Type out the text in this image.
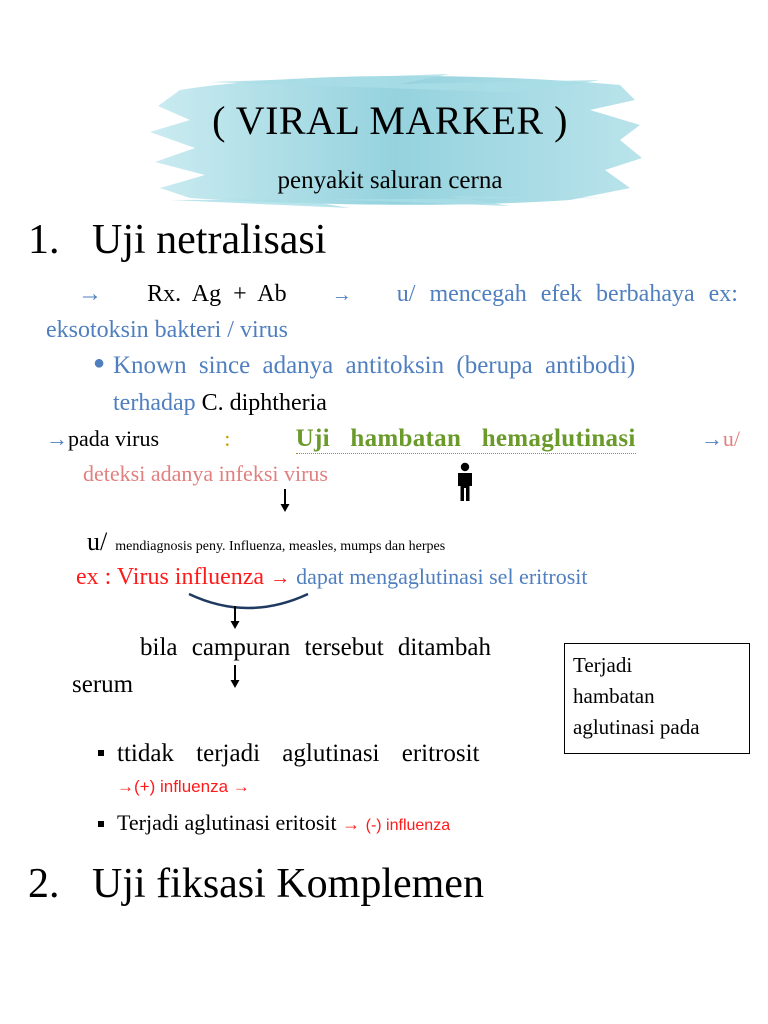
( VIRAL MARKER )
penyakit saluran cerna
1. Uji netralisasi
→ Rx. Ag + Ab → u/ mencegah efek berbahaya ex:
eksotoksin bakteri / virus
● Known since adanya antitoksin (berupa antibodi)
terhadap C. diphtheria
→pada virus	:	Uji hambatan hemaglutinasi	→u/
deteksi adanya infeksi virus
u/ mendiagnosis peny. Influenza, measles, mumps dan herpes
ex : Virus influenza → dapat mengaglutinasi sel eritrosit
bila campuran tersebut ditambah
serum
Terjadi
hambatan
aglutinasi pada
ttidak terjadi aglutinasi eritrosit
→(+) influenza →
Terjadi aglutinasi eritosit → (-) influenza
2. Uji fiksasi Komplemen
